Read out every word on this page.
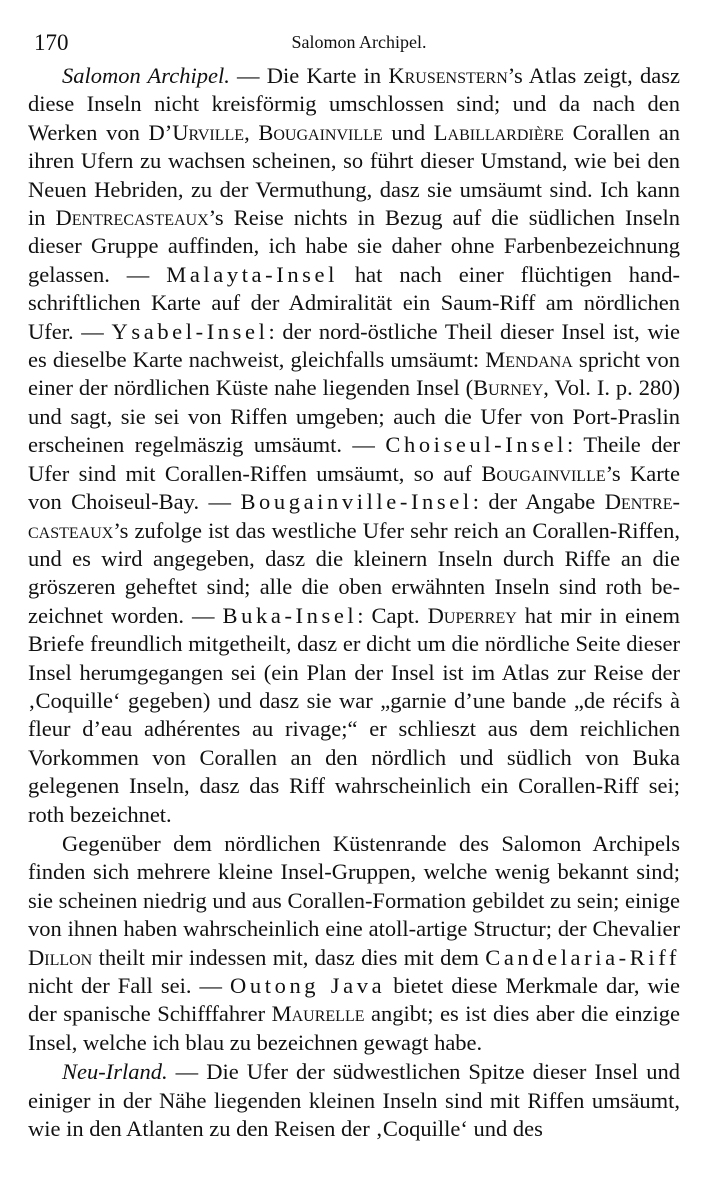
170	Salomon Archipel.

Salomon Archipel. — Die Karte in Krusenstern’s Atlas zeigt, dasz diese Inseln nicht kreisförmig umschlossen sind; und da nach den Werken von D’Urville, Bougainville und Labillardière Corallen an ihren Ufern zu wachsen scheinen, so führt dieser Umstand, wie bei den Neuen Hebriden, zu der Vermuthung, dasz sie umsäumt sind. Ich kann in Dentrecasteaux’s Reise nichts in Bezug auf die südlichen Inseln dieser Gruppe auffinden, ich habe sie daher ohne Farbenbezeichnung gelassen. — Malayta-Insel hat nach einer flüchtigen handschriftlichen Karte auf der Admiralität ein Saum-Riff am nördlichen Ufer. — Ysabel-Insel: der nord-östliche Theil dieser Insel ist, wie es dieselbe Karte nachweist, gleichfalls umsäumt: Mendana spricht von einer der nördlichen Küste nahe liegenden Insel (Burney, Vol. I. p. 280) und sagt, sie sei von Riffen umgeben; auch die Ufer von Port-Praslin erscheinen regelmäszig umsäumt. — Choiseul-Insel: Theile der Ufer sind mit Corallen-Riffen umsäumt, so auf Bougainville’s Karte von Choiseul-Bay. — Bougainville-Insel: der Angabe Dentrecasteaux’s zufolge ist das westliche Ufer sehr reich an Corallen-Riffen, und es wird angegeben, dasz die kleinern Inseln durch Riffe an die gröszeren geheftet sind; alle die oben erwähnten Inseln sind roth bezeichnet worden. — Buka-Insel: Capt. Duperrey hat mir in einem Briefe freundlich mitgetheilt, dasz er dicht um die nördliche Seite dieser Insel herumgegangen sei (ein Plan der Insel ist im Atlas zur Reise der ‚Coquille‘ gegeben) und dasz sie war „garnie d’une bande „de récifs à fleur d’eau adhérentes au rivage;“ er schlieszt aus dem reichlichen Vorkommen von Corallen an den nördlich und südlich von Buka gelegenen Inseln, dasz das Riff wahrscheinlich ein Corallen-Riff sei; roth bezeichnet.

Gegenüber dem nördlichen Küstenrande des Salomon Archipels finden sich mehrere kleine Insel-Gruppen, welche wenig bekannt sind; sie scheinen niedrig und aus Corallen-Formation gebildet zu sein; einige von ihnen haben wahrscheinlich eine atoll-artige Structur; der Chevalier Dillon theilt mir indessen mit, dasz dies mit dem Candelaria-Riff nicht der Fall sei. — Outong Java bietet diese Merkmale dar, wie der spanische Schifffahrer Maurelle angibt; es ist dies aber die einzige Insel, welche ich blau zu bezeichnen gewagt habe.

Neu-Irland. — Die Ufer der südwestlichen Spitze dieser Insel und einiger in der Nähe liegenden kleinen Inseln sind mit Riffen umsäumt, wie in den Atlanten zu den Reisen der ‚Coquille‘ und des
